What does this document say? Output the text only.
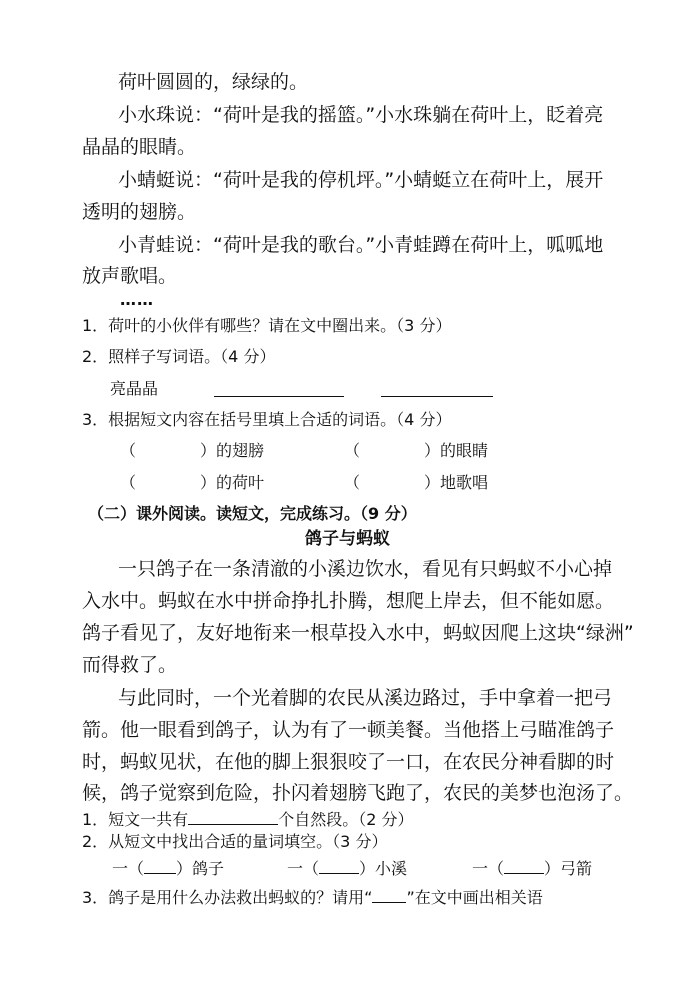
荷叶圆圆的，绿绿的。
小水珠说：“荷叶是我的摇篮。”小水珠躺在荷叶上，眨着亮
晶晶的眼睛。
小蜻蜓说：“荷叶是我的停机坪。”小蜻蜓立在荷叶上，展开
透明的翅膀。
小青蛙说：“荷叶是我的歌台。”小青蛙蹲在荷叶上，呱呱地
放声歌唱。
……
1．荷叶的小伙伴有哪些？请在文中圈出来。（3 分）
2．照样子写词语。（4 分）
亮晶晶
3．根据短文内容在括号里填上合适的词语。（4 分）
（　　　　）的翅膀	（　　　　）的眼睛
（　　　　）的荷叶	（　　　　）地歌唱
（二）课外阅读。读短文，完成练习。（9 分）
鸽子与蚂蚁
一只鸽子在一条清澈的小溪边饮水，看见有只蚂蚁不小心掉
入水中。蚂蚁在水中拼命挣扎扑腾，想爬上岸去，但不能如愿。
鸽子看见了，友好地衔来一根草投入水中，蚂蚁因爬上这块“绿洲”
而得救了。
与此同时，一个光着脚的农民从溪边路过，手中拿着一把弓
箭。他一眼看到鸽子，认为有了一顿美餐。当他搭上弓瞄准鸽子
时，蚂蚁见状，在他的脚上狠狠咬了一口，在农民分神看脚的时
候，鸽子觉察到危险，扑闪着翅膀飞跑了，农民的美梦也泡汤了。
1．短文一共有	个自然段。（2 分）
2．从短文中找出合适的量词填空。（3 分）
一（ ）鸽子	一（	）小溪	一（	）弓箭
3．鸽子是用什么办法救出蚂蚁的？请用“ ”在文中画出相关语
